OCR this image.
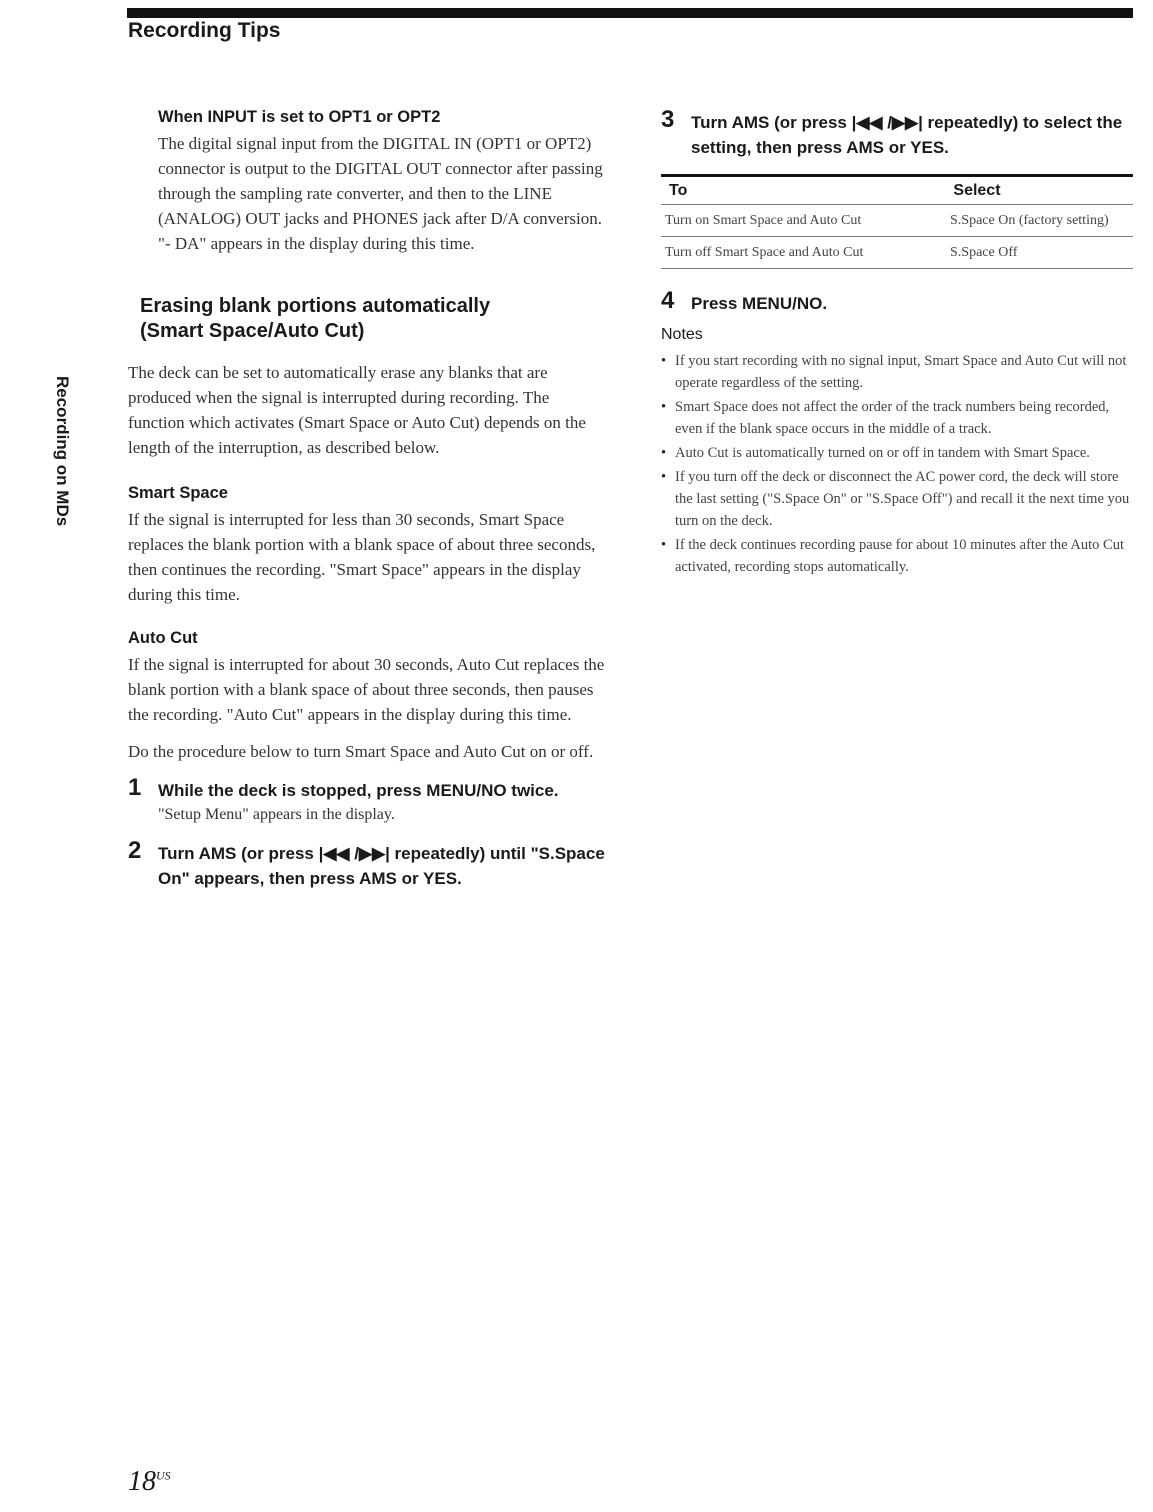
Recording Tips
Recording on MDs
When INPUT is set to OPT1 or OPT2

The digital signal input from the DIGITAL IN (OPT1 or OPT2) connector is output to the DIGITAL OUT connector after passing through the sampling rate converter, and then to the LINE (ANALOG) OUT jacks and PHONES jack after D/A conversion. "- DA" appears in the display during this time.

Erasing blank portions automatically
(Smart Space/Auto Cut)

The deck can be set to automatically erase any blanks that are produced when the signal is interrupted during recording. The function which activates (Smart Space or Auto Cut) depends on the length of the interruption, as described below.

Smart Space

If the signal is interrupted for less than 30 seconds, Smart Space replaces the blank portion with a blank space of about three seconds, then continues the recording. "Smart Space" appears in the display during this time.

Auto Cut

If the signal is interrupted for about 30 seconds, Auto Cut replaces the blank portion with a blank space of about three seconds, then pauses the recording. "Auto Cut" appears in the display during this time.

Do the procedure below to turn Smart Space and Auto Cut on or off.

1 While the deck is stopped, press MENU/NO twice.
"Setup Menu" appears in the display.
2 Turn AMS (or press |◀◀ /▶▶| repeatedly) until "S.Space On" appears, then press AMS or YES.
3 Turn AMS (or press |◀◀ /▶▶| repeatedly) to select the setting, then press AMS or YES.
To	Select
Turn on Smart Space and Auto Cut	S.Space On (factory setting)
Turn off Smart Space and Auto Cut	S.Space Off
4 Press MENU/NO.
Notes
• If you start recording with no signal input, Smart Space and Auto Cut will not operate regardless of the setting.
• Smart Space does not affect the order of the track numbers being recorded, even if the blank space occurs in the middle of a track.
• Auto Cut is automatically turned on or off in tandem with Smart Space.
• If you turn off the deck or disconnect the AC power cord, the deck will store the last setting ("S.Space On" or "S.Space Off") and recall it the next time you turn on the deck.
• If the deck continues recording pause for about 10 minutes after the Auto Cut activated, recording stops automatically.
$18^{US}$
